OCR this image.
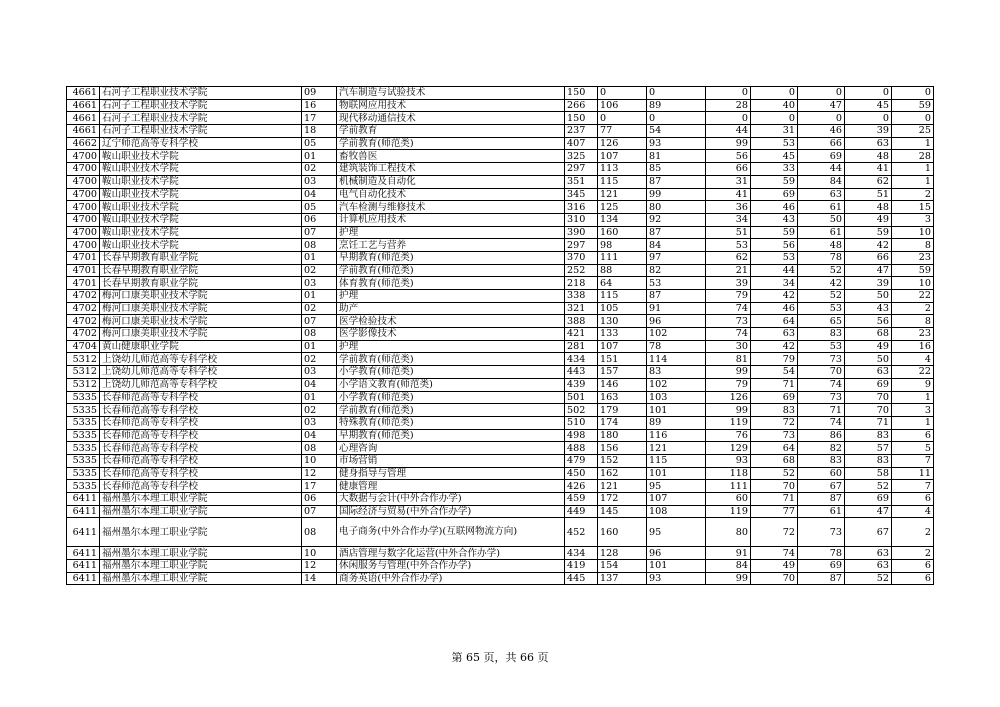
4661	石河子工程职业技术学院	09	汽车制造与试验技术	150	0	0	0	0	0	0	0
4661	石河子工程职业技术学院	16	物联网应用技术	266	106	89	28	40	47	45	59
4661	石河子工程职业技术学院	17	现代移动通信技术	150	0	0	0	0	0	0	0
4661	石河子工程职业技术学院	18	学前教育	237	77	54	44	31	46	39	25
4662	辽宁师范高等专科学校	05	学前教育(师范类)	407	126	93	99	53	66	63	1
4700	鞍山职业技术学院	01	畜牧兽医	325	107	81	56	45	69	48	28
4700	鞍山职业技术学院	02	建筑装饰工程技术	297	113	85	66	33	44	41	1
4700	鞍山职业技术学院	03	机械制造及自动化	351	115	87	31	59	84	62	1
4700	鞍山职业技术学院	04	电气自动化技术	345	121	99	41	69	63	51	2
4700	鞍山职业技术学院	05	汽车检测与维修技术	316	125	80	36	46	61	48	15
4700	鞍山职业技术学院	06	计算机应用技术	310	134	92	34	43	50	49	3
4700	鞍山职业技术学院	07	护理	390	160	87	51	59	61	59	10
4700	鞍山职业技术学院	08	烹饪工艺与营养	297	98	84	53	56	48	42	8
4701	长春早期教育职业学院	01	早期教育(师范类)	370	111	97	62	53	78	66	23
4701	长春早期教育职业学院	02	学前教育(师范类)	252	88	82	21	44	52	47	59
4701	长春早期教育职业学院	03	体育教育(师范类)	218	64	53	39	34	42	39	10
4702	梅河口康美职业技术学院	01	护理	338	115	87	79	42	52	50	22
4702	梅河口康美职业技术学院	02	助产	321	105	91	74	46	53	43	2
4702	梅河口康美职业技术学院	07	医学检验技术	388	130	96	73	64	65	56	8
4702	梅河口康美职业技术学院	08	医学影像技术	421	133	102	74	63	83	68	23
4704	黄山健康职业学院	01	护理	281	107	78	30	42	53	49	16
5312	上饶幼儿师范高等专科学校	02	学前教育(师范类)	434	151	114	81	79	73	50	4
5312	上饶幼儿师范高等专科学校	03	小学教育(师范类)	443	157	83	99	54	70	63	22
5312	上饶幼儿师范高等专科学校	04	小学语文教育(师范类)	439	146	102	79	71	74	69	9
5335	长春师范高等专科学校	01	小学教育(师范类)	501	163	103	126	69	73	70	1
5335	长春师范高等专科学校	02	学前教育(师范类)	502	179	101	99	83	71	70	3
5335	长春师范高等专科学校	03	特殊教育(师范类)	510	174	89	119	72	74	71	1
5335	长春师范高等专科学校	04	早期教育(师范类)	498	180	116	76	73	86	83	6
5335	长春师范高等专科学校	08	心理咨询	488	156	121	129	64	82	57	5
5335	长春师范高等专科学校	10	市场营销	479	152	115	93	68	83	83	7
5335	长春师范高等专科学校	12	健身指导与管理	450	162	101	118	52	60	58	11
5335	长春师范高等专科学校	17	健康管理	426	121	95	111	70	67	52	7
6411	福州墨尔本理工职业学院	06	大数据与会计(中外合作办学)	459	172	107	60	71	87	69	6
6411	福州墨尔本理工职业学院	07	国际经济与贸易(中外合作办学)	449	145	108	119	77	61	47	4
6411	福州墨尔本理工职业学院	08	电子商务(中外合作办学)(互联网物流方向)	452	160	95	80	72	73	67	2
6411	福州墨尔本理工职业学院	10	酒店管理与数字化运营(中外合作办学)	434	128	96	91	74	78	63	2
6411	福州墨尔本理工职业学院	12	休闲服务与管理(中外合作办学)	419	154	101	84	49	69	63	6
6411	福州墨尔本理工职业学院	14	商务英语(中外合作办学)	445	137	93	99	70	87	52	6
第 65 页，共 66 页
